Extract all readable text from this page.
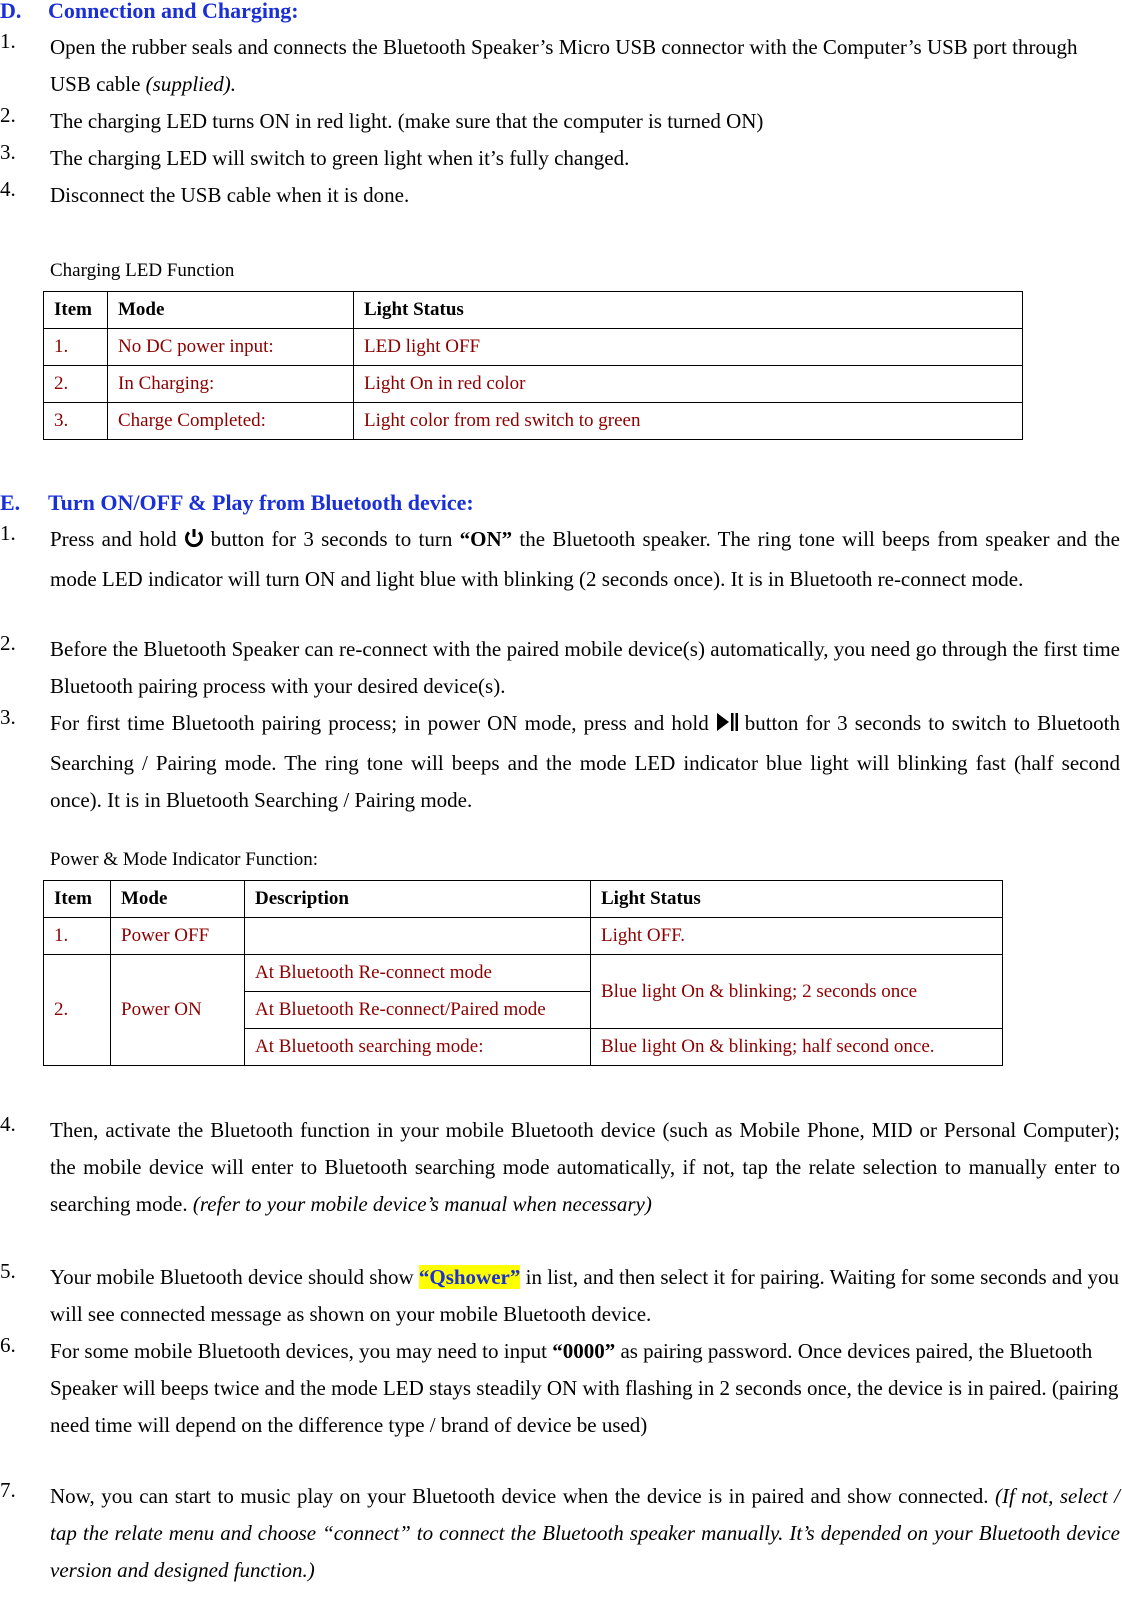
D. Connection and Charging:
1. Open the rubber seals and connects the Bluetooth Speaker’s Micro USB connector with the Computer’s USB port through USB cable (supplied).
2. The charging LED turns ON in red light. (make sure that the computer is turned ON)
3. The charging LED will switch to green light when it’s fully changed.
4. Disconnect the USB cable when it is done.
Charging LED Function
Item	Mode	Light Status
1.	No DC power input:	LED light OFF
2.	In Charging:	Light On in red color
3.	Charge Completed:	Light color from red switch to green
E. Turn ON/OFF & Play from Bluetooth device:
1. Press and hold button for 3 seconds to turn “ON” the Bluetooth speaker. The ring tone will beeps from speaker and the mode LED indicator will turn ON and light blue with blinking (2 seconds once). It is in Bluetooth re-connect mode.
2. Before the Bluetooth Speaker can re-connect with the paired mobile device(s) automatically, you need go through the first time Bluetooth pairing process with your desired device(s).
3. For first time Bluetooth pairing process; in power ON mode, press and hold button for 3 seconds to switch to Bluetooth Searching / Pairing mode. The ring tone will beeps and the mode LED indicator blue light will blinking fast (half second once). It is in Bluetooth Searching / Pairing mode.
Power & Mode Indicator Function:
Item	Mode	Description	Light Status
1.	Power OFF		Light OFF.
2.	Power ON	At Bluetooth Re-connect mode	Blue light On & blinking; 2 seconds once
		At Bluetooth Re-connect/Paired mode	
		At Bluetooth searching mode:	Blue light On & blinking; half second once.
4. Then, activate the Bluetooth function in your mobile Bluetooth device (such as Mobile Phone, MID or Personal Computer); the mobile device will enter to Bluetooth searching mode automatically, if not, tap the relate selection to manually enter to searching mode. (refer to your mobile device’s manual when necessary)
5. Your mobile Bluetooth device should show “Qshower” in list, and then select it for pairing. Waiting for some seconds and you will see connected message as shown on your mobile Bluetooth device.
6. For some mobile Bluetooth devices, you may need to input “0000” as pairing password. Once devices paired, the Bluetooth Speaker will beeps twice and the mode LED stays steadily ON with flashing in 2 seconds once, the device is in paired. (pairing need time will depend on the difference type / brand of device be used)
7. Now, you can start to music play on your Bluetooth device when the device is in paired and show connected. (If not, select / tap the relate menu and choose “connect” to connect the Bluetooth speaker manually. It’s depended on your Bluetooth device version and designed function.)
